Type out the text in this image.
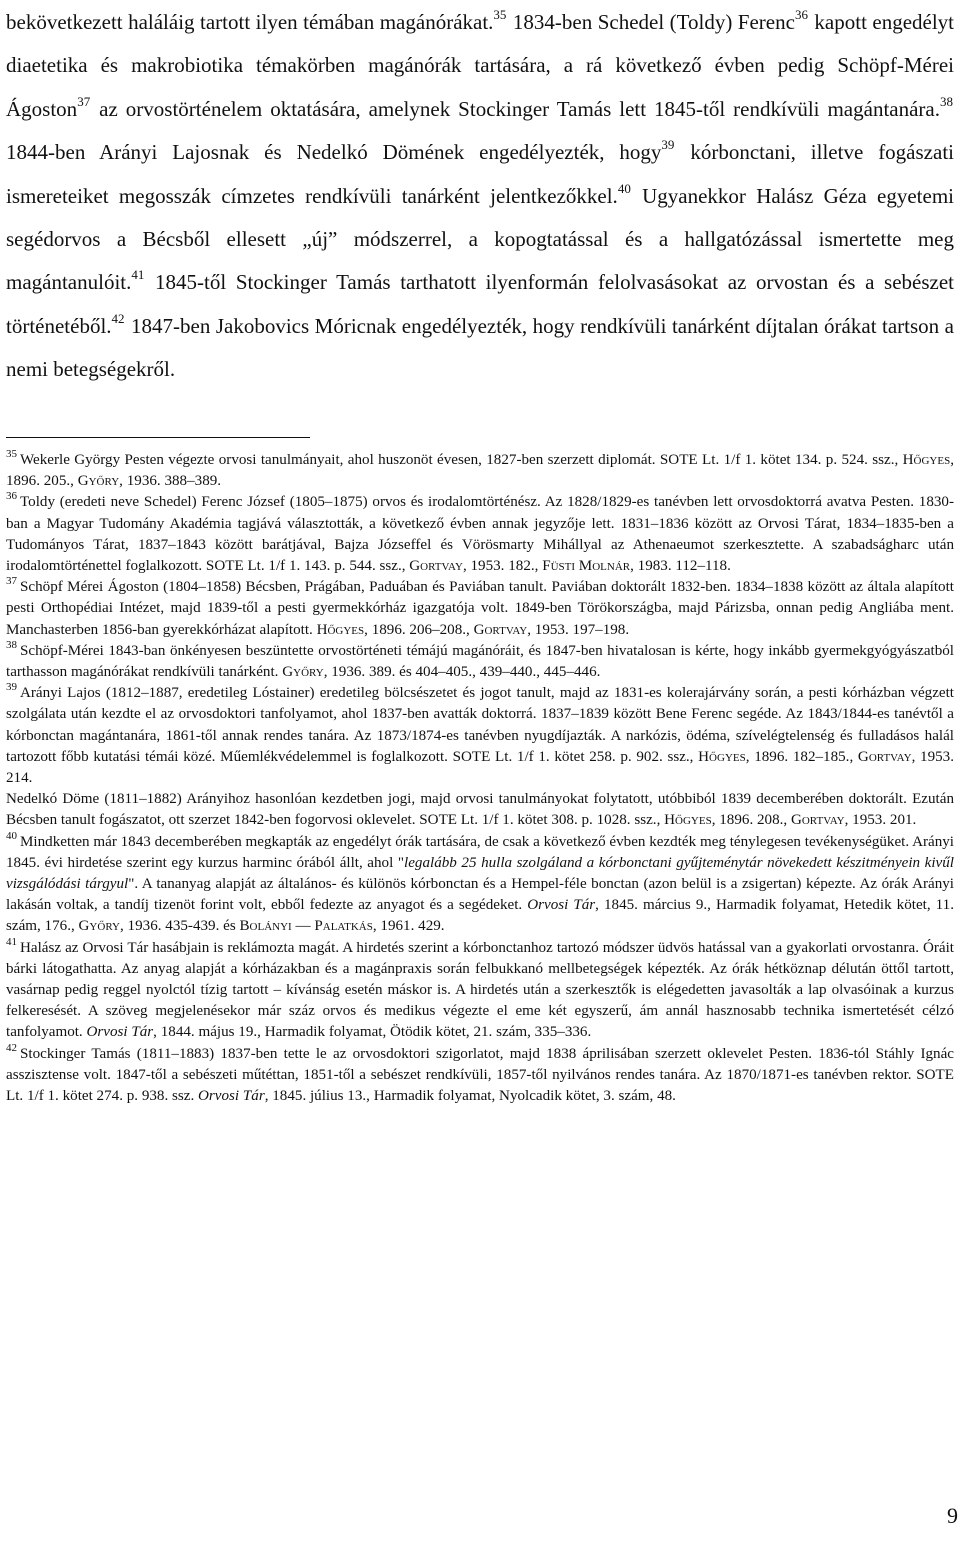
bekövetkezett haláláig tartott ilyen témában magánórákat.$^{35}$ 1834-ben Schedel (Toldy) Ferenc$^{36}$ kapott engedélyt diaetetika és makrobiotika témakörben magánórák tartására, a rá következő évben pedig Schöpf-Mérei Ágoston$^{37}$ az orvostörténelem oktatására, amelynek Stockinger Tamás lett 1845-től rendkívüli magántanára.$^{38}$ 1844-ben Arányi Lajosnak és Nedelkó Dömének engedélyezték, hogy$^{39}$ kórbonctani, illetve fogászati ismereteiket megosszák címzetes rendkívüli tanárként jelentkezőkkel.$^{40}$ Ugyanekkor Halász Géza egyetemi segédorvos a Bécsből ellesett „új” módszerrel, a kopogtatással és a hallgatózással ismertette meg magántanulóit.$^{41}$ 1845-től Stockinger Tamás tarthatott ilyenformán felolvasásokat az orvostan és a sebészet történetéből.$^{42}$ 1847-ben Jakobovics Móricnak engedélyezték, hogy rendkívüli tanárként díjtalan órákat tartson a nemi betegségekről.

$^{35}$ Wekerle György Pesten végezte orvosi tanulmányait, ahol huszonöt évesen, 1827-ben szerzett diplomát. SOTE Lt. 1/f 1. kötet 134. p. 524. ssz., Hőgyes, 1896. 205., Győry, 1936. 388–389.

$^{36}$ Toldy (eredeti neve Schedel) Ferenc József (1805–1875) orvos és irodalomtörténész. Az 1828/1829-es tanévben lett orvosdoktorrá avatva Pesten. 1830-ban a Magyar Tudomány Akadémia tagjává választották, a következő évben annak jegyzője lett. 1831–1836 között az Orvosi Tárat, 1834–1835-ben a Tudományos Tárat, 1837–1843 között barátjával, Bajza Józseffel és Vörösmarty Mihállyal az Athenaeumot szerkesztette. A szabadságharc után irodalomtörténettel foglalkozott. SOTE Lt. 1/f 1. 143. p. 544. ssz., Gortvay, 1953. 182., Füsti Molnár, 1983. 112–118.

$^{37}$ Schöpf Mérei Ágoston (1804–1858) Bécsben, Prágában, Paduában és Paviában tanult. Paviában doktorált 1832-ben. 1834–1838 között az általa alapított pesti Orthopédiai Intézet, majd 1839-től a pesti gyermekkórház igazgatója volt. 1849-ben Törökországba, majd Párizsba, onnan pedig Angliába ment. Manchasterben 1856-ban gyerekkórházat alapított. Hőgyes, 1896. 206–208., Gortvay, 1953. 197–198.

$^{38}$ Schöpf-Mérei 1843-ban önkényesen beszüntette orvostörténeti témájú magánóráit, és 1847-ben hivatalosan is kérte, hogy inkább gyermekgyógyászatból tarthasson magánórákat rendkívüli tanárként. Győry, 1936. 389. és 404–405., 439–440., 445–446.

$^{39}$ Arányi Lajos (1812–1887, eredetileg Lóstainer) eredetileg bölcsészetet és jogot tanult, majd az 1831-es kolerajárvány során, a pesti kórházban végzett szolgálata után kezdte el az orvosdoktori tanfolyamot, ahol 1837-ben avatták doktorrá. 1837–1839 között Bene Ferenc segéde. Az 1843/1844-es tanévtől a kórbonctan magántanára, 1861-től annak rendes tanára. Az 1873/1874-es tanévben nyugdíjazták. A narkózis, ödéma, szívelégtelenség és fulladásos halál tartozott főbb kutatási témái közé. Műemlékvédelemmel is foglalkozott. SOTE Lt. 1/f 1. kötet 258. p. 902. ssz., Hőgyes, 1896. 182–185., Gortvay, 1953. 214.

Nedelkó Döme (1811–1882) Arányihoz hasonlóan kezdetben jogi, majd orvosi tanulmányokat folytatott, utóbbiból 1839 decemberében doktorált. Ezután Bécsben tanult fogászatot, ott szerzet 1842-ben fogorvosi oklevelet. SOTE Lt. 1/f 1. kötet 308. p. 1028. ssz., Hőgyes, 1896. 208., Gortvay, 1953. 201.

$^{40}$ Mindketten már 1843 decemberében megkapták az engedélyt órák tartására, de csak a következő évben kezdték meg ténylegesen tevékenységüket. Arányi 1845. évi hirdetése szerint egy kurzus harminc órából állt, ahol "legalább 25 hulla szolgáland a kórbonctani gyűjteménytár növekedett készitményein kivűl vizsgálódási tárgyul". A tananyag alapját az általános- és különös kórbonctan és a Hempel-féle bonctan (azon belül is a zsigertan) képezte. Az órák Arányi lakásán voltak, a tandíj tizenöt forint volt, ebből fedezte az anyagot és a segédeket. Orvosi Tár, 1845. március 9., Harmadik folyamat, Hetedik kötet, 11. szám, 176., Győry, 1936. 435-439. és Bolányi — Palatkás, 1961. 429.

$^{41}$ Halász az Orvosi Tár hasábjain is reklámozta magát. A hirdetés szerint a kórbonctanhoz tartozó módszer üdvös hatással van a gyakorlati orvostanra. Óráit bárki látogathatta. Az anyag alapját a kórházakban és a magánpraxis során felbukkanó mellbetegségek képezték. Az órák hétköznap délután öttől tartott, vasárnap pedig reggel nyolctól tízig tartott – kívánság esetén máskor is. A hirdetés után a szerkesztők is elégedetten javasolták a lap olvasóinak a kurzus felkeresését. A szöveg megjelenésekor már száz orvos és medikus végezte el eme két egyszerű, ám annál hasznosabb technika ismertetését célzó tanfolyamot. Orvosi Tár, 1844. május 19., Harmadik folyamat, Ötödik kötet, 21. szám, 335–336.

$^{42}$ Stockinger Tamás (1811–1883) 1837-ben tette le az orvosdoktori szigorlatot, majd 1838 áprilisában szerzett oklevelet Pesten. 1836-tól Stáhly Ignác asszisztense volt. 1847-től a sebészeti műtéttan, 1851-től a sebészet rendkívüli, 1857-től nyilvános rendes tanára. Az 1870/1871-es tanévben rektor. SOTE Lt. 1/f 1. kötet 274. p. 938. ssz. Orvosi Tár, 1845. július 13., Harmadik folyamat, Nyolcadik kötet, 3. szám, 48.

9
